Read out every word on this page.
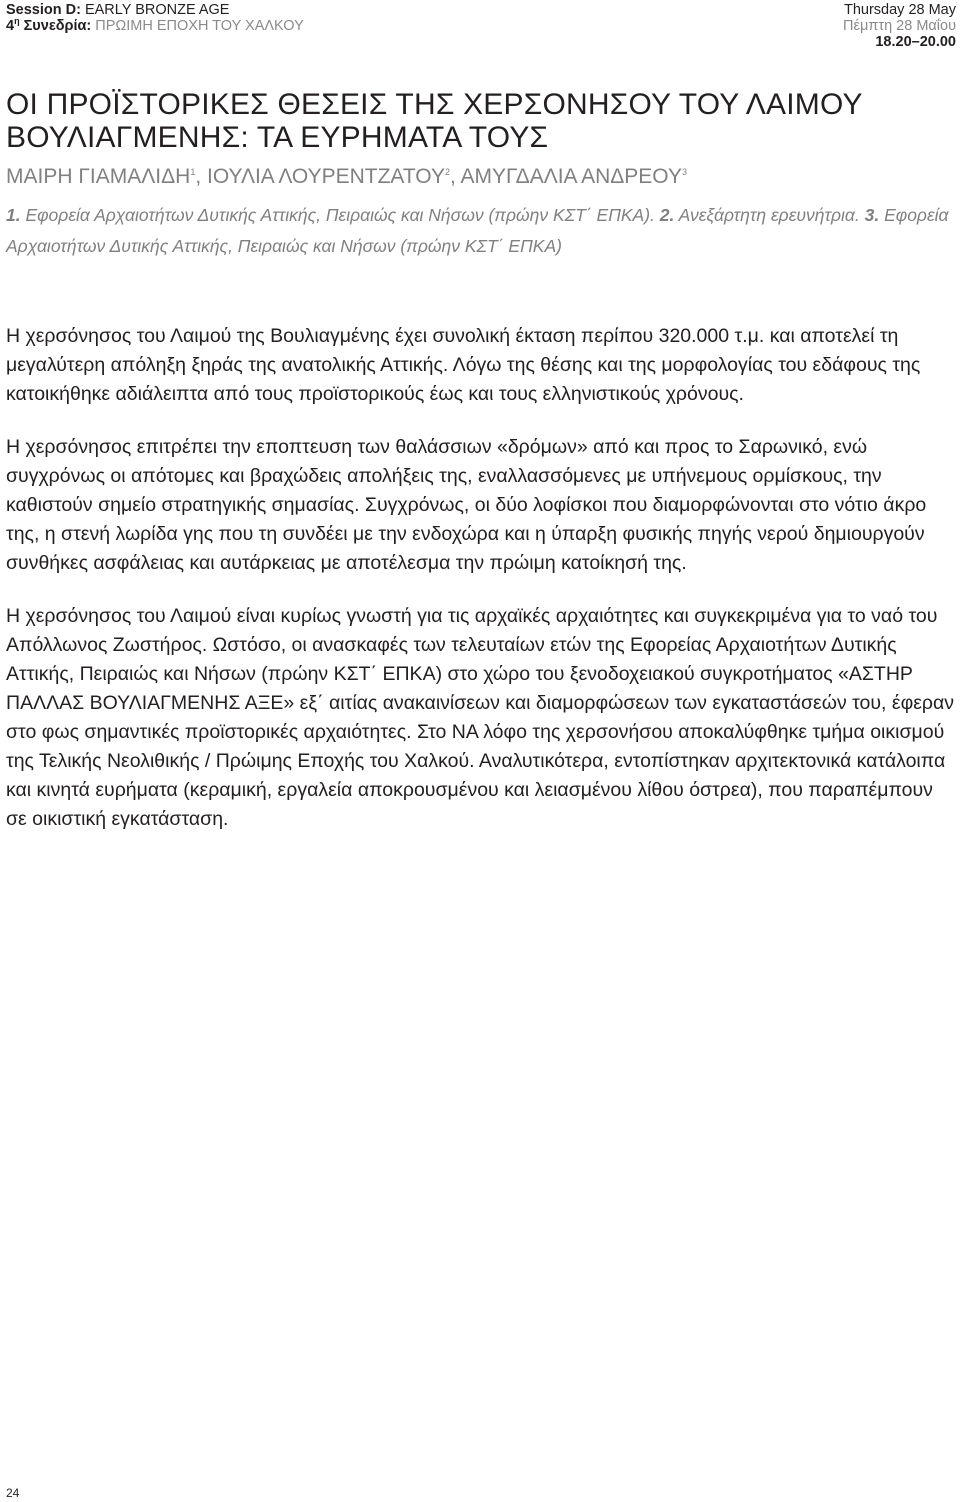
Session D: EARLY BRONZE AGE
$4^\eta$ Συνεδρία: ΠΡΩΙΜΗ ΕΠΟΧΗ ΤΟΥ ΧΑΛΚΟΥ
Thursday 28 May
Πέμπτη 28 Μαΐου
18.20–20.00
ΟΙ ΠΡΟΪΣΤΟΡΙΚΕΣ ΘΕΣΕΙΣ ΤΗΣ ΧΕΡΣΟΝΗΣΟΥ ΤΟΥ ΛΑΙΜΟΥ ΒΟΥΛΙΑΓΜΕΝΗΣ: ΤΑ ΕΥΡΗΜΑΤΑ ΤΟΥΣ
ΜΑΙΡΗ ΓΙΑΜΑΛΙΔΗ$^1$, ΙΟΥΛΙΑ ΛΟΥΡΕΝΤΖΑΤΟΥ$^2$, ΑΜΥΓΔΑΛΙΑ ΑΝΔΡΕΟΥ$^3$
1. Εφορεία Αρχαιοτήτων Δυτικής Αττικής, Πειραιώς και Νήσων (πρώην ΚΣΤ΄ ΕΠΚΑ). 2. Ανεξάρτητη ερευνήτρια. 3. Εφορεία Αρχαιοτήτων Δυτικής Αττικής, Πειραιώς και Νήσων (πρώην ΚΣΤ΄ ΕΠΚΑ)

Η χερσόνησος του Λαιμού της Βουλιαγμένης έχει συνολική έκταση περίπου 320.000 τ.μ. και αποτελεί τη μεγαλύτερη απόληξη ξηράς της ανατολικής Αττικής. Λόγω της θέσης και της μορφολογίας του εδάφους της κατοικήθηκε αδιάλειπτα από τους προϊστορικούς έως και τους ελληνιστικούς χρόνους.

Η χερσόνησος επιτρέπει την εποπτευση των θαλάσσιων «δρόμων» από και προς το Σαρωνικό, ενώ συγχρόνως οι απότομες και βραχώδεις απολήξεις της, εναλλασσόμενες με υπήνεμους ορμίσκους, την καθιστούν σημείο στρατηγικής σημασίας. Συγχρόνως, οι δύο λοφίσκοι που διαμορφώνονται στο νότιο άκρο της, η στενή λωρίδα γης που τη συνδέει με την ενδοχώρα και η ύπαρξη φυσικής πηγής νερού δημιουργούν συνθήκες ασφάλειας και αυτάρκειας με αποτέλεσμα την πρώιμη κατοίκησή της.

Η χερσόνησος του Λαιμού είναι κυρίως γνωστή για τις αρχαϊκές αρχαιότητες και συγκεκριμένα για το ναό του Απόλλωνος Ζωστήρος. Ωστόσο, οι ανασκαφές των τελευταίων ετών της Εφορείας Αρχαιοτήτων Δυτικής Αττικής, Πειραιώς και Νήσων (πρώην ΚΣΤ΄ ΕΠΚΑ) στο χώρο του ξενοδοχειακού συγκροτήματος «ΑΣΤΗΡ ΠΑΛΛΑΣ ΒΟΥΛΙΑΓΜΕΝΗΣ ΑΞΕ» εξ΄ αιτίας ανακαινίσεων και διαμορφώσεων των εγκαταστάσεών του, έφεραν στο φως σημαντικές προϊστορικές αρχαιότητες. Στο ΝΑ λόφο της χερσονήσου αποκαλύφθηκε τμήμα οικισμού της Τελικής Νεολιθικής / Πρώιμης Εποχής του Χαλκού. Αναλυτικότερα, εντοπίστηκαν αρχιτεκτονικά κατάλοιπα και κινητά ευρήματα (κεραμική, εργαλεία αποκρουσμένου και λειασμένου λίθου όστρεα), που παραπέμπουν σε οικιστική εγκατάσταση.

24
